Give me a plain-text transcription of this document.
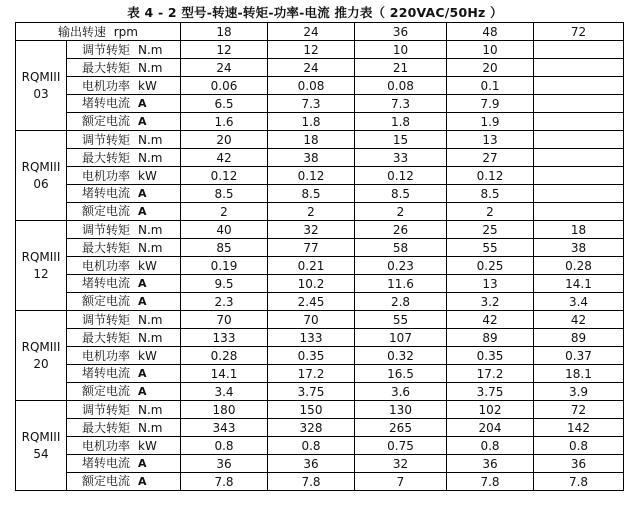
表 4 - 2 型号-转速-转矩-功率-电流 推力表（ 220VAC/50Hz ）
输出转速 rpm		18	24	36	48	72
RQMIII
03	调节转矩 N.m	12	12	10	10	
	最大转矩 N.m	24	24	21	20	
	电机功率 kW	0.06	0.08	0.08	0.1	
	堵转电流 A	6.5	7.3	7.3	7.9	
	额定电流 A	1.6	1.8	1.8	1.9	
RQMIII
06	调节转矩 N.m	20	18	15	13	
	最大转矩 N.m	42	38	33	27	
	电机功率 kW	0.12	0.12	0.12	0.12	
	堵转电流 A	8.5	8.5	8.5	8.5	
	额定电流 A	2	2	2	2	
RQMIII
12	调节转矩 N.m	40	32	26	25	18
	最大转矩 N.m	85	77	58	55	38
	电机功率 kW	0.19	0.21	0.23	0.25	0.28
	堵转电流 A	9.5	10.2	11.6	13	14.1
	额定电流 A	2.3	2.45	2.8	3.2	3.4
RQMIII
20	调节转矩 N.m	70	70	55	42	42
	最大转矩 N.m	133	133	107	89	89
	电机功率 kW	0.28	0.35	0.32	0.35	0.37
	堵转电流 A	14.1	17.2	16.5	17.2	18.1
	额定电流 A	3.4	3.75	3.6	3.75	3.9
RQMIII
54	调节转矩 N.m	180	150	130	102	72
	最大转矩 N.m	343	328	265	204	142
	电机功率 kW	0.8	0.8	0.75	0.8	0.8
	堵转电流 A	36	36	32	36	36
	额定电流 A	7.8	7.8	7	7.8	7.8
